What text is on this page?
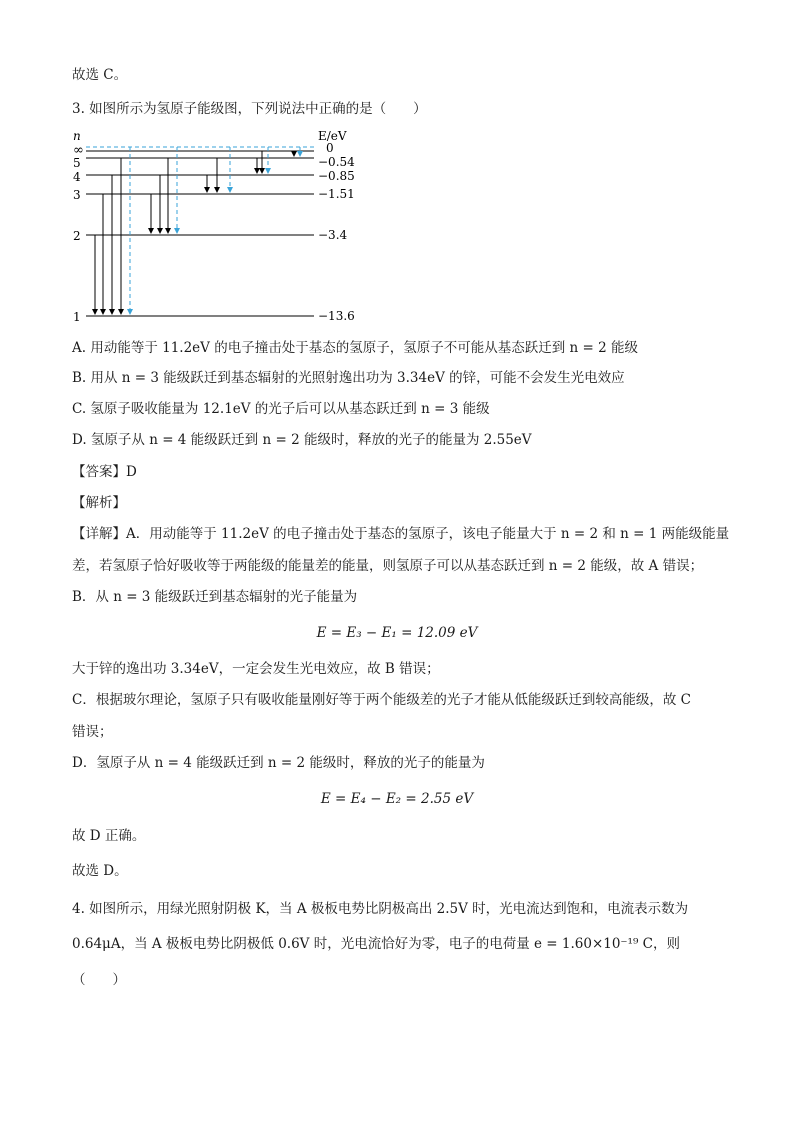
故选 C。
3. 如图所示为氢原子能级图，下列说法中正确的是（　　）
n	E/eV
∞
5
4
3
2
1
0
−0.54
−0.85
−1.51
−3.4
−13.6
A. 用动能等于 11.2eV 的电子撞击处于基态的氢原子，氢原子不可能从基态跃迁到 n = 2 能级
B. 用从 n = 3 能级跃迁到基态辐射的光照射逸出功为 3.34eV 的锌，可能不会发生光电效应
C. 氢原子吸收能量为 12.1eV 的光子后可以从基态跃迁到 n = 3 能级
D. 氢原子从 n = 4 能级跃迁到 n = 2 能级时，释放的光子的能量为 2.55eV
【答案】D
【解析】
【详解】A．用动能等于 11.2eV 的电子撞击处于基态的氢原子，该电子能量大于 n = 2 和 n = 1 两能级能量
差，若氢原子恰好吸收等于两能级的能量差的能量，则氢原子可以从基态跃迁到 n = 2 能级，故 A 错误；
B．从 n = 3 能级跃迁到基态辐射的光子能量为
E = E₃ − E₁ = 12.09 eV
大于锌的逸出功 3.34eV，一定会发生光电效应，故 B 错误；
C．根据玻尔理论，氢原子只有吸收能量刚好等于两个能级差的光子才能从低能级跃迁到较高能级，故 C
错误；
D．氢原子从 n = 4 能级跃迁到 n = 2 能级时，释放的光子的能量为
E = E₄ − E₂ = 2.55 eV
故 D 正确。
故选 D。
4. 如图所示，用绿光照射阴极 K，当 A 极板电势比阴极高出 2.5V 时，光电流达到饱和，电流表示数为
0.64μA，当 A 极板电势比阴极低 0.6V 时，光电流恰好为零，电子的电荷量 e = 1.60×10⁻¹⁹ C，则
（　　）
